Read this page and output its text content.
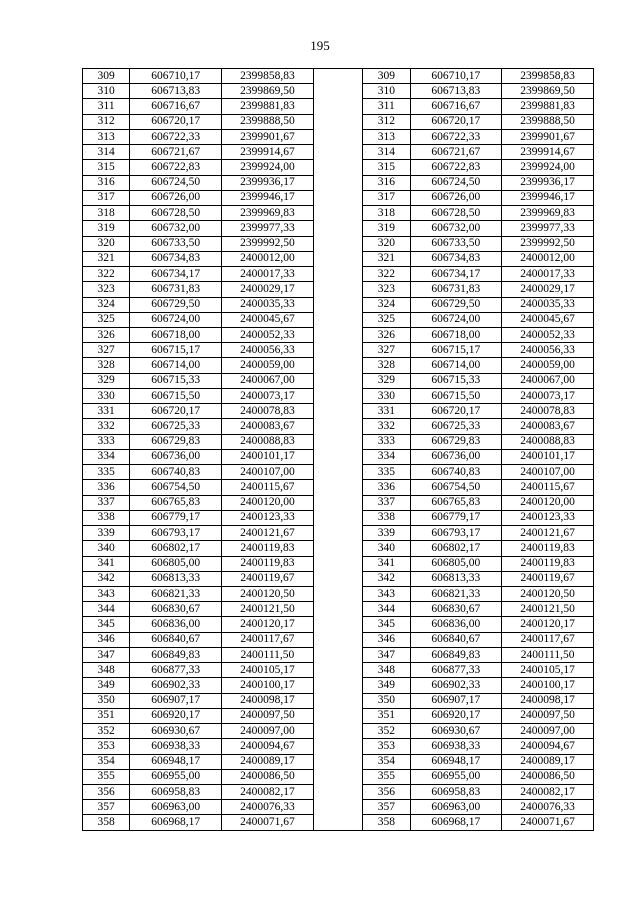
195
309	606710,17	2399858,83		309	606710,17	2399858,83
310	606713,83	2399869,50		310	606713,83	2399869,50
311	606716,67	2399881,83		311	606716,67	2399881,83
312	606720,17	2399888,50		312	606720,17	2399888,50
313	606722,33	2399901,67		313	606722,33	2399901,67
314	606721,67	2399914,67		314	606721,67	2399914,67
315	606722,83	2399924,00		315	606722,83	2399924,00
316	606724,50	2399936,17		316	606724,50	2399936,17
317	606726,00	2399946,17		317	606726,00	2399946,17
318	606728,50	2399969,83		318	606728,50	2399969,83
319	606732,00	2399977,33		319	606732,00	2399977,33
320	606733,50	2399992,50		320	606733,50	2399992,50
321	606734,83	2400012,00		321	606734,83	2400012,00
322	606734,17	2400017,33		322	606734,17	2400017,33
323	606731,83	2400029,17		323	606731,83	2400029,17
324	606729,50	2400035,33		324	606729,50	2400035,33
325	606724,00	2400045,67		325	606724,00	2400045,67
326	606718,00	2400052,33		326	606718,00	2400052,33
327	606715,17	2400056,33		327	606715,17	2400056,33
328	606714,00	2400059,00		328	606714,00	2400059,00
329	606715,33	2400067,00		329	606715,33	2400067,00
330	606715,50	2400073,17		330	606715,50	2400073,17
331	606720,17	2400078,83		331	606720,17	2400078,83
332	606725,33	2400083,67		332	606725,33	2400083,67
333	606729,83	2400088,83		333	606729,83	2400088,83
334	606736,00	2400101,17		334	606736,00	2400101,17
335	606740,83	2400107,00		335	606740,83	2400107,00
336	606754,50	2400115,67		336	606754,50	2400115,67
337	606765,83	2400120,00		337	606765,83	2400120,00
338	606779,17	2400123,33		338	606779,17	2400123,33
339	606793,17	2400121,67		339	606793,17	2400121,67
340	606802,17	2400119,83		340	606802,17	2400119,83
341	606805,00	2400119,83		341	606805,00	2400119,83
342	606813,33	2400119,67		342	606813,33	2400119,67
343	606821,33	2400120,50		343	606821,33	2400120,50
344	606830,67	2400121,50		344	606830,67	2400121,50
345	606836,00	2400120,17		345	606836,00	2400120,17
346	606840,67	2400117,67		346	606840,67	2400117,67
347	606849,83	2400111,50		347	606849,83	2400111,50
348	606877,33	2400105,17		348	606877,33	2400105,17
349	606902,33	2400100,17		349	606902,33	2400100,17
350	606907,17	2400098,17		350	606907,17	2400098,17
351	606920,17	2400097,50		351	606920,17	2400097,50
352	606930,67	2400097,00		352	606930,67	2400097,00
353	606938,33	2400094,67		353	606938,33	2400094,67
354	606948,17	2400089,17		354	606948,17	2400089,17
355	606955,00	2400086,50		355	606955,00	2400086,50
356	606958,83	2400082,17		356	606958,83	2400082,17
357	606963,00	2400076,33		357	606963,00	2400076,33
358	606968,17	2400071,67		358	606968,17	2400071,67
